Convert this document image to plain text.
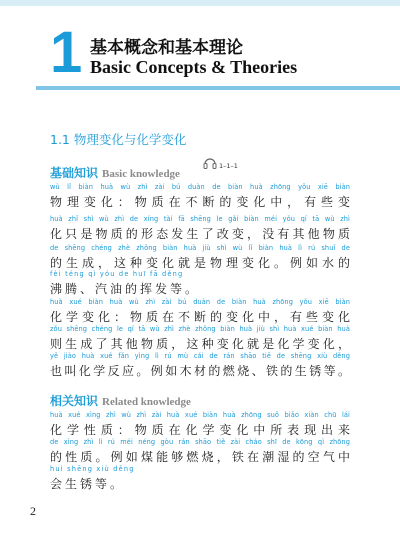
1 基本概念和基本理论
Basic Concepts & Theories
1.1 物理变化与化学变化
基础知识 Basic knowledge
1–1–1
wù lǐ biàn huà wù zhì zài bú duàn de biàn huà zhōng yǒu xiē biàn
物理变化：物质在不断的变化中，有些变
huà zhǐ shì wù zhì de xíng tài fā shēng le gǎi biàn méi yǒu qí tā wù zhì
化只是物质的形态发生了改变，没有其他物质
de shēng chéng zhè zhǒng biàn huà jiù shì wù lǐ biàn huà lì rú shuǐ de
的生成，这种变化就是物理变化。例如水的
fèi téng qì yóu de huī fā děng
沸腾、汽油的挥发等。
huà xué biàn huà wù zhì zài bú duàn de biàn huà zhōng yǒu xiē biàn
化学变化：物质在不断的变化中，有些变化
zǒu shēng chéng le qí tā wù zhì zhè zhǒng biàn huà jiù shì huà xué biàn huà
则生成了其他物质，这种变化就是化学变化，
yě jiào huà xué fǎn yìng lì rú mù cái de rán shāo tiě de shēng xiù děng
也叫化学反应。例如木材的燃烧、铁的生锈等。
相关知识 Related knowledge
huà xué xìng zhì wù zhì zài huà xué biàn huà zhōng suǒ biǎo xiàn chū lái
化学性质：物质在化学变化中所表现出来
de xìng zhì lì rú méi néng gòu rán shāo tiě zài cháo shī de kōng qì zhōng
的性质。例如煤能够燃烧，铁在潮湿的空气中
huì shēng xiù děng
会生锈等。
2
